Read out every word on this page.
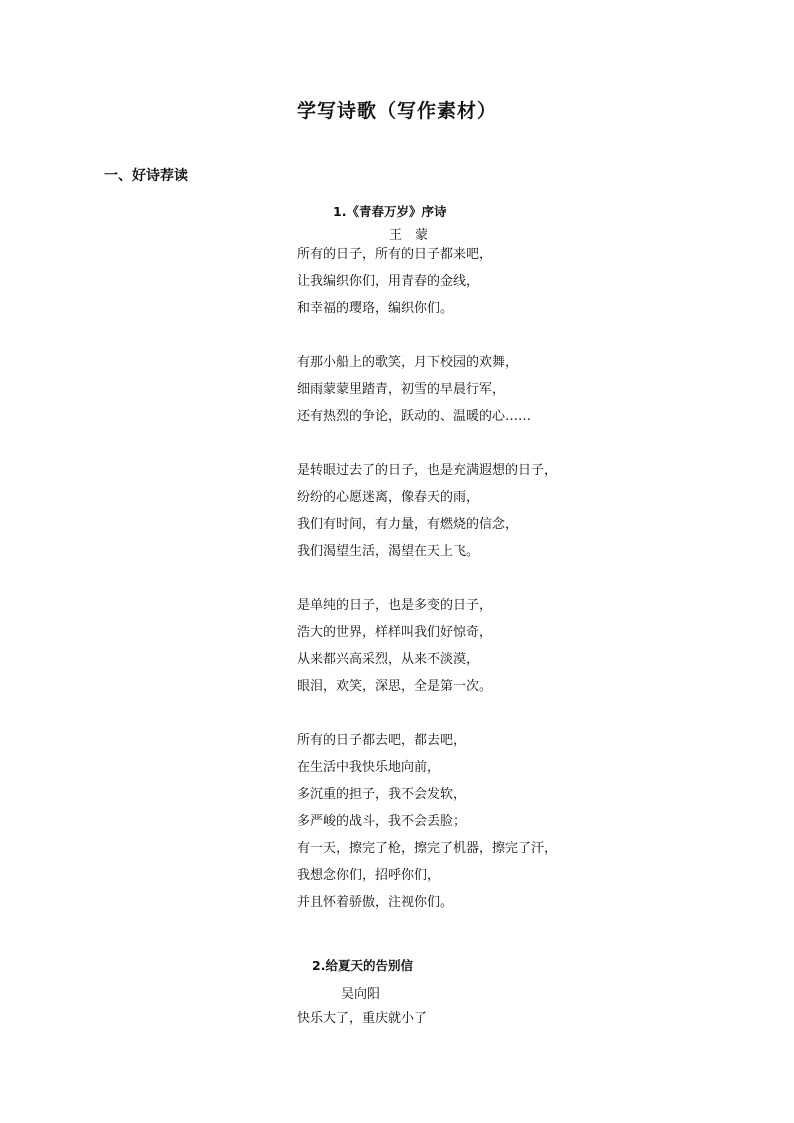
学写诗歌（写作素材）
一、好诗荐读
1.《青春万岁》序诗
王　蒙
所有的日子，所有的日子都来吧，
让我编织你们，用青春的金线，
和幸福的璎珞，编织你们。
有那小船上的歌笑，月下校园的欢舞，
细雨蒙蒙里踏青，初雪的早晨行军，
还有热烈的争论，跃动的、温暖的心……
是转眼过去了的日子，也是充满遐想的日子，
纷纷的心愿迷离，像春天的雨，
我们有时间，有力量，有燃烧的信念，
我们渴望生活，渴望在天上飞。
是单纯的日子，也是多变的日子，
浩大的世界，样样叫我们好惊奇，
从来都兴高采烈，从来不淡漠，
眼泪，欢笑，深思，全是第一次。
所有的日子都去吧，都去吧，
在生活中我快乐地向前，
多沉重的担子，我不会发软，
多严峻的战斗，我不会丢脸；
有一天，擦完了枪，擦完了机器，擦完了汗，
我想念你们，招呼你们，
并且怀着骄傲，注视你们。
2.给夏天的告别信
吴向阳
快乐大了，重庆就小了
